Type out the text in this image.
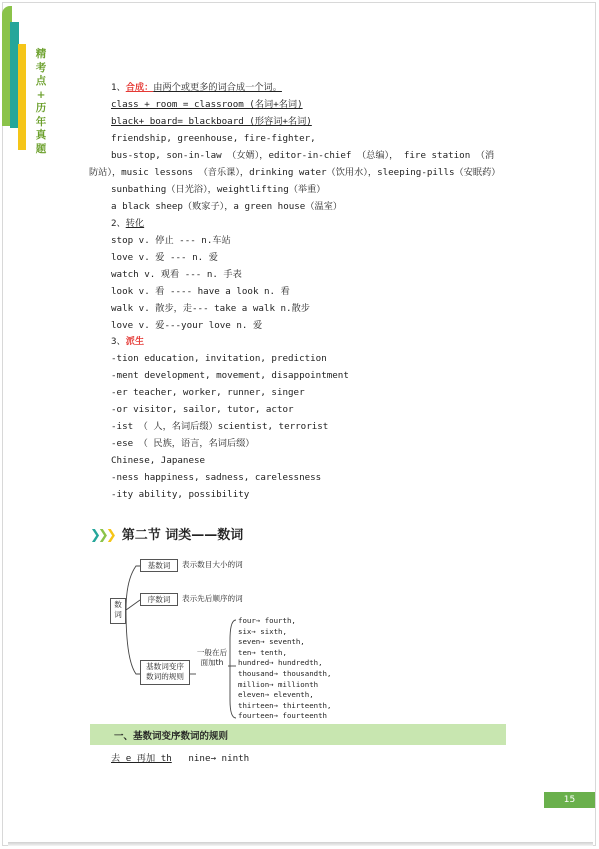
精
考
点
+
历
年
真
题
1、合成：由两个或更多的词合成一个词。
class + room = classroom (名词+名词)
black+ board= blackboard (形容词+名词)
friendship, greenhouse, fire-fighter,
bus-stop, son-in-law （女婿），editor-in-chief （总编）， fire station （消
防站），music lessons （音乐课），drinking water（饮用水），sleeping-pills（安眠药）
sunbathing（日光浴），weightlifting（举重）
a black sheep（败家子），a green house（温室）
2、转化
stop v. 停止 --- n.车站
love v. 爱 --- n. 爱
watch v. 观看 --- n. 手表
look v. 看 ---- have a look n. 看
walk v. 散步，走--- take a walk n.散步
love v. 爱---your love n. 爱
3、派生
-tion education, invitation, prediction
-ment development, movement, disappointment
-er teacher, worker, runner, singer
-or visitor, sailor, tutor, actor
-ist （ 人，名词后缀）scientist, terrorist
-ese （ 民族，语言，名词后缀）
Chinese, Japanese
-ness happiness, sadness, carelessness
-ity ability, possibility
❯❯❯ 第二节 词类——数词
数词
基数词	表示数目大小的词
序数词	表示先后顺序的词
基数词变序数词的规则
一般在后面加th
four→ fourth,
six→ sixth,
seven→ seventh,
ten→ tenth,
hundred→ hundredth,
thousand→ thousandth,
million→ millionth
eleven→ eleventh,
thirteen→ thirteenth,
fourteen→ fourteenth
一、基数词变序数词的规则
去 e 再加 th   nine→ ninth
15
